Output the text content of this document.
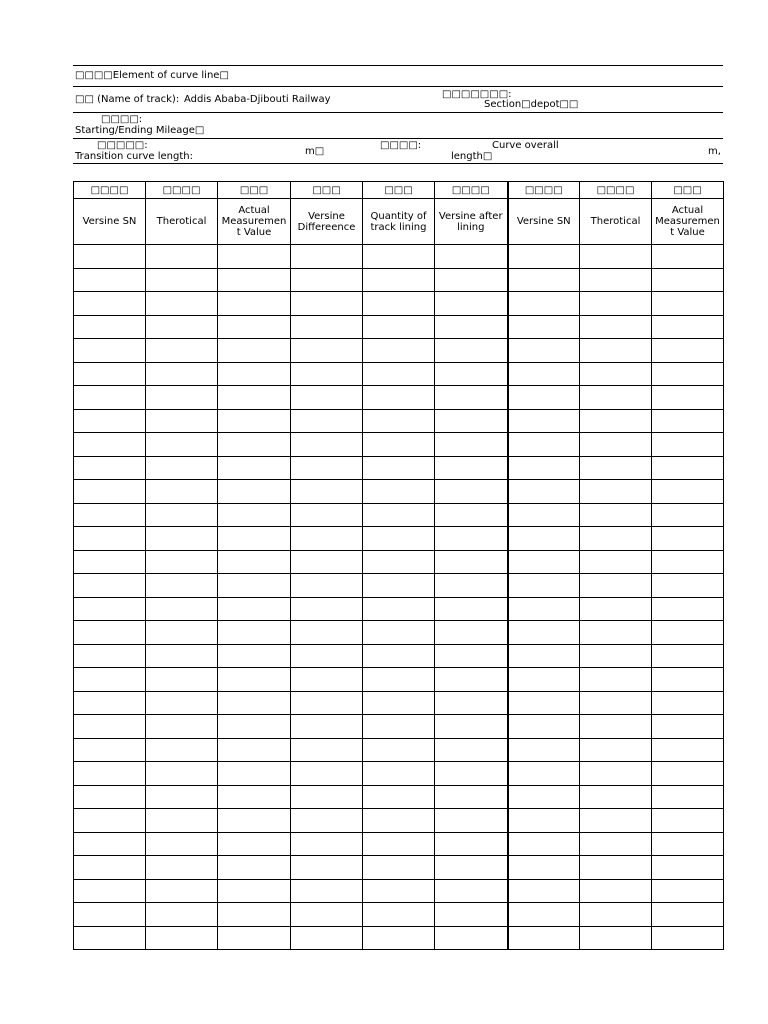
□□□□Element of curve line□
□□ (Name of track): Addis Ababa-Djibouti Railway	□□□□□□□:
Section□depot□□
□□□□:
Starting/Ending Mileage□
□□□□□:
Transition curve length:	m□
□□□□:	Curve overall
length□	m,
□□□□	□□□□	□□□	□□□	□□□	□□□□	□□□□	□□□□	□□□
Versine SN	Therotical	Actual Measuremen t Value	Versine Differeence	Quantity of track lining	Versine after lining	Versine SN	Therotical	Actual Measuremen t Value
